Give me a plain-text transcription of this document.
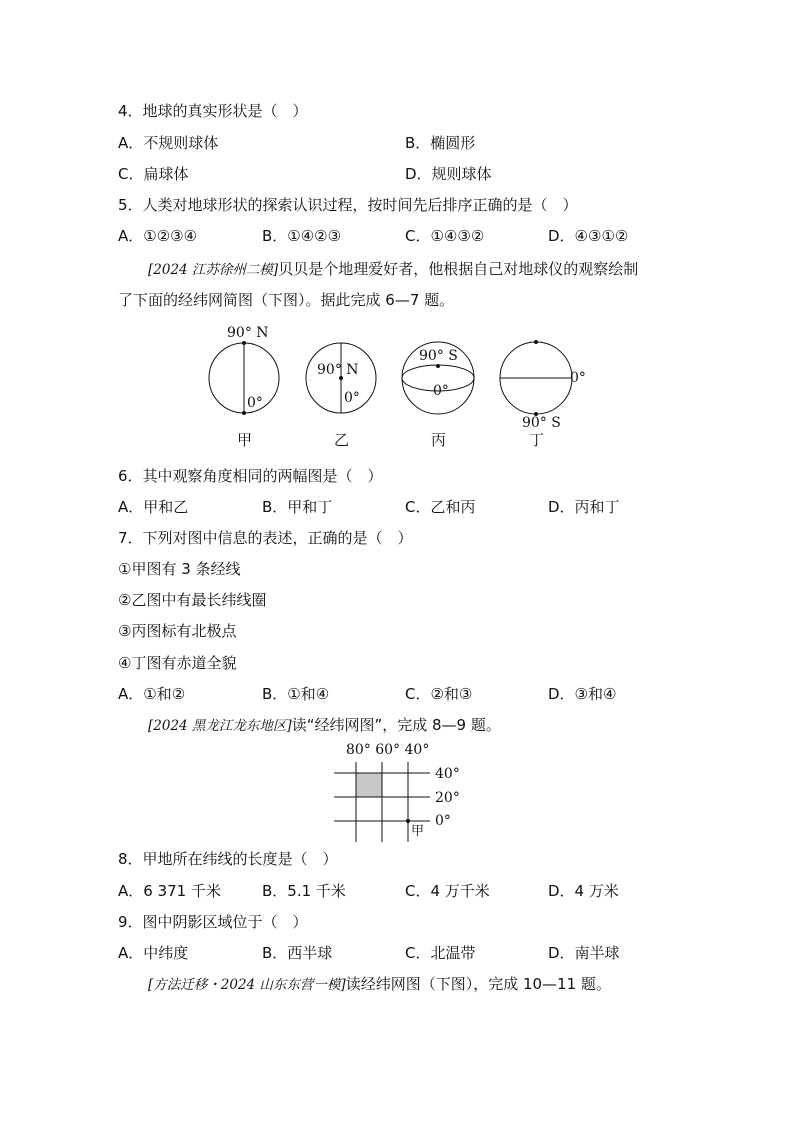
4．地球的真实形状是（　）
A．不规则球体	B．椭圆形
C．扁球体	D．规则球体
5．人类对地球形状的探索认识过程，按时间先后排序正确的是（　）
A．①②③④	B．①④②③	C．①④③②	D．④③①②
[2024 江苏徐州二模]贝贝是个地理爱好者，他根据自己对地球仪的观察绘制
了下面的经纬网简图（下图）。据此完成 6—7 题。
90° N
0°
甲
90° N
0°
乙
90° S
0°
丙
0°
90° S
丁
6．其中观察角度相同的两幅图是（　）
A．甲和乙	B．甲和丁	C．乙和丙	D．丙和丁
7．下列对图中信息的表述，正确的是（　）
①甲图有 3 条经线
②乙图中有最长纬线圈
③丙图标有北极点
④丁图有赤道全貌
A．①和②	B．①和④	C．②和③	D．③和④
[2024 黑龙江龙东地区]读“经纬网图”，完成 8—9 题。
80° 60° 40°
40°
20°
0°
甲
8．甲地所在纬线的长度是（　）
A．6 371 千米	B．5.1 千米	C．4 万千米	D．4 万米
9．图中阴影区域位于（　）
A．中纬度	B．西半球	C．北温带	D．南半球
[方法迁移・2024 山东东营一模]读经纬网图（下图），完成 10—11 题。
